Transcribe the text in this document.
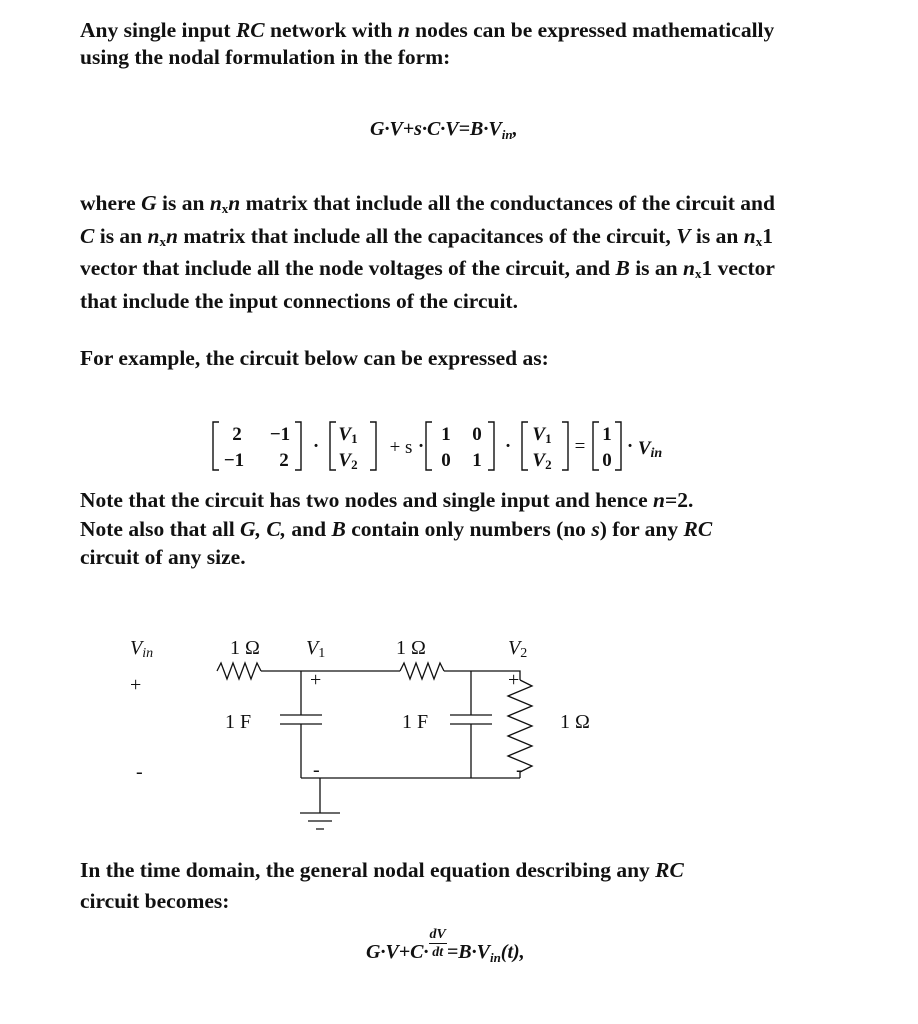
Any single input RC network with n nodes can be expressed mathematically
using the nodal formulation in the form:
$G\cdot V+s\cdot C\cdot V=B\cdot V_{in}$,
where G is an nxn matrix that include all the conductances of the circuit and
C is an nxn matrix that include all the capacitances of the circuit, V is an nx1
vector that include all the node voltages of the circuit, and B is an nx1 vector
that include the input connections of the circuit.
For example, the circuit below can be expressed as:
2 −1
−1 2
·
V1
V2
+ s ·
1 0
0 1
·
V1
V2
=
1
0
· Vin
Note that the circuit has two nodes and single input and hence n=2.
Note also that all G, C, and B contain only numbers (no s) for any RC
circuit of any size.
Vin
+
-
1 Ω V1
+
-
1 Ω	V2
+
-
1 F	1 F	1 Ω
In the time domain, the general nodal equation describing any RC
circuit becomes:
$G\cdot V+C\cdot \frac{dV}{dt} =B\cdot V_{in}(t)$,
